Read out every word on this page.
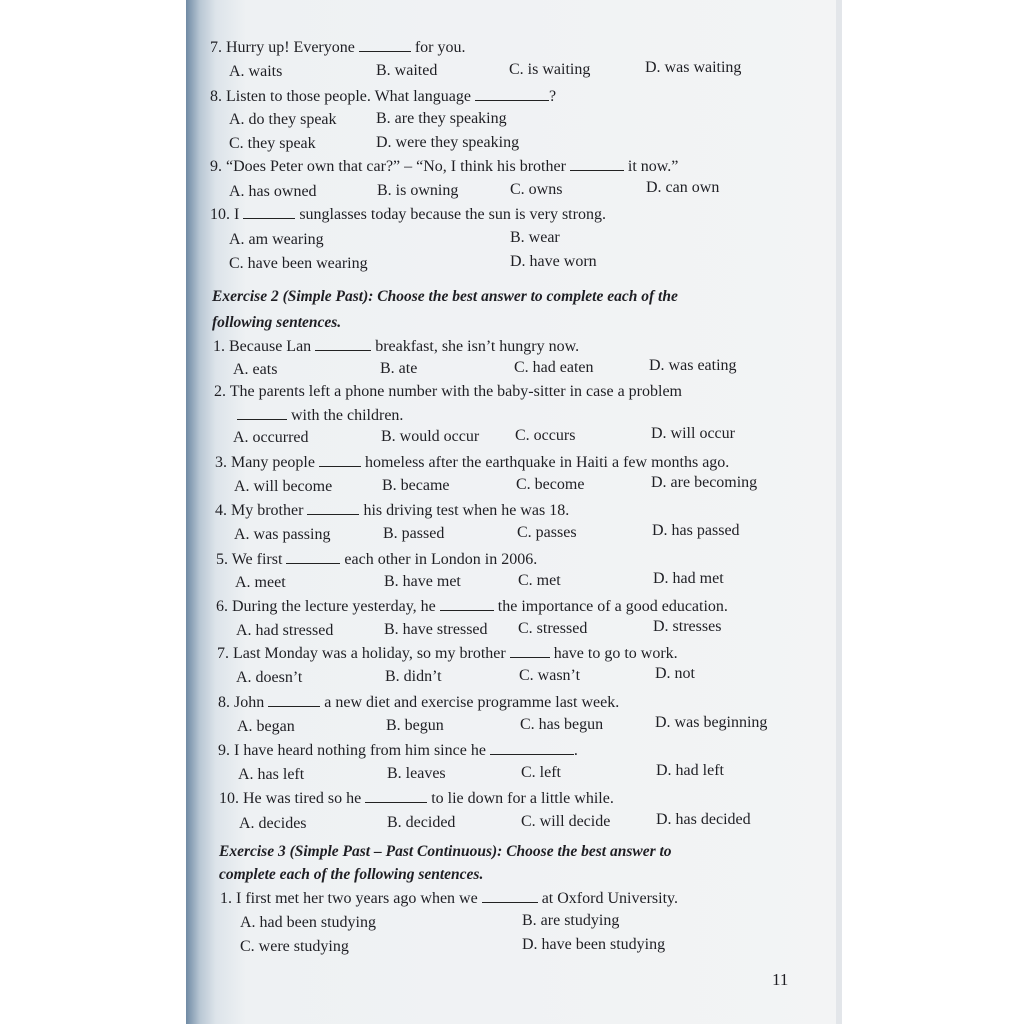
7. Hurry up! Everyone	for you.
A. waits	B. waited	C. is waiting	D. was waiting
8. Listen to those people. What language	?
A. do they speak B. are they speaking
C. they speak	D. were they speaking
9. “Does Peter own that car?” – “No, I think his brother	it now.”
A. has owned	B. is owning	C. owns	D. can own
10. I	sunglasses today because the sun is very strong.
A. am wearing	B. wear
C. have been wearing	D. have worn
Exercise 2 (Simple Past): Choose the best answer to complete each of the
following sentences.
1. Because Lan	breakfast, she isn’t hungry now.
A. eats	B. ate	C. had eaten	D. was eating
2. The parents left a phone number with the baby-sitter in case a problem
with the children.
A. occurred	B. would occur C. occurs	D. will occur
3. Many people	homeless after the earthquake in Haiti a few months ago.
A. will become	B. became	C. become	D. are becoming
4. My brother	his driving test when he was 18.
A. was passing	B. passed	C. passes	D. has passed
5. We first	each other in London in 2006.
A. meet	B. have met	C. met	D. had met
6. During the lecture yesterday, he	the importance of a good education.
A. had stressed	B. have stressed C. stressed	D. stresses
7. Last Monday was a holiday, so my brother	have to go to work.
A. doesn’t	B. didn’t	C. wasn’t	D. not
8. John	a new diet and exercise programme last week.
A. began	B. begun	C. has begun	D. was beginning
9. I have heard nothing from him since he	.
A. has left	B. leaves	C. left	D. had left
10. He was tired so he	to lie down for a little while.
A. decides	B. decided	C. will decide	D. has decided
Exercise 3 (Simple Past – Past Continuous): Choose the best answer to
complete each of the following sentences.
1. I first met her two years ago when we	at Oxford University.
A. had been studying	B. are studying
C. were studying	D. have been studying
11
